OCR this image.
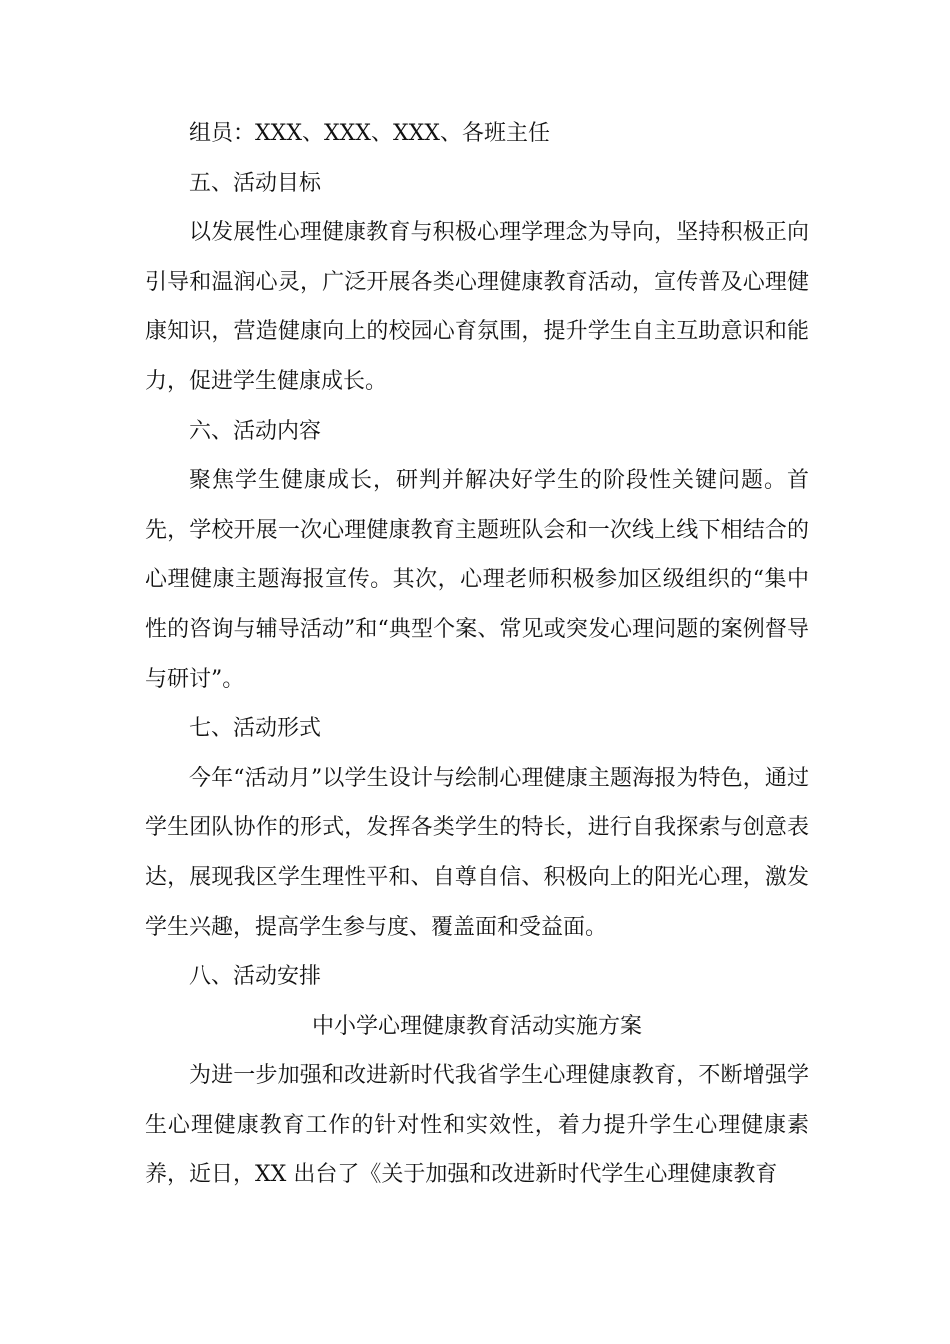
组员：XXX、XXX、XXX、各班主任

五、活动目标

以发展性心理健康教育与积极心理学理念为导向，坚持积极正向引导和温润心灵，广泛开展各类心理健康教育活动，宣传普及心理健康知识，营造健康向上的校园心育氛围，提升学生自主互助意识和能力，促进学生健康成长。

六、活动内容

聚焦学生健康成长，研判并解决好学生的阶段性关键问题。首先，学校开展一次心理健康教育主题班队会和一次线上线下相结合的心理健康主题海报宣传。其次，心理老师积极参加区级组织的“集中性的咨询与辅导活动”和“典型个案、常见或突发心理问题的案例督导与研讨”。

七、活动形式

今年“活动月”以学生设计与绘制心理健康主题海报为特色，通过学生团队协作的形式，发挥各类学生的特长，进行自我探索与创意表达，展现我区学生理性平和、自尊自信、积极向上的阳光心理，激发学生兴趣，提高学生参与度、覆盖面和受益面。

八、活动安排

中小学心理健康教育活动实施方案

为进一步加强和改进新时代我省学生心理健康教育，不断增强学生心理健康教育工作的针对性和实效性，着力提升学生心理健康素养，近日，XX 出台了《关于加强和改进新时代学生心理健康教育
